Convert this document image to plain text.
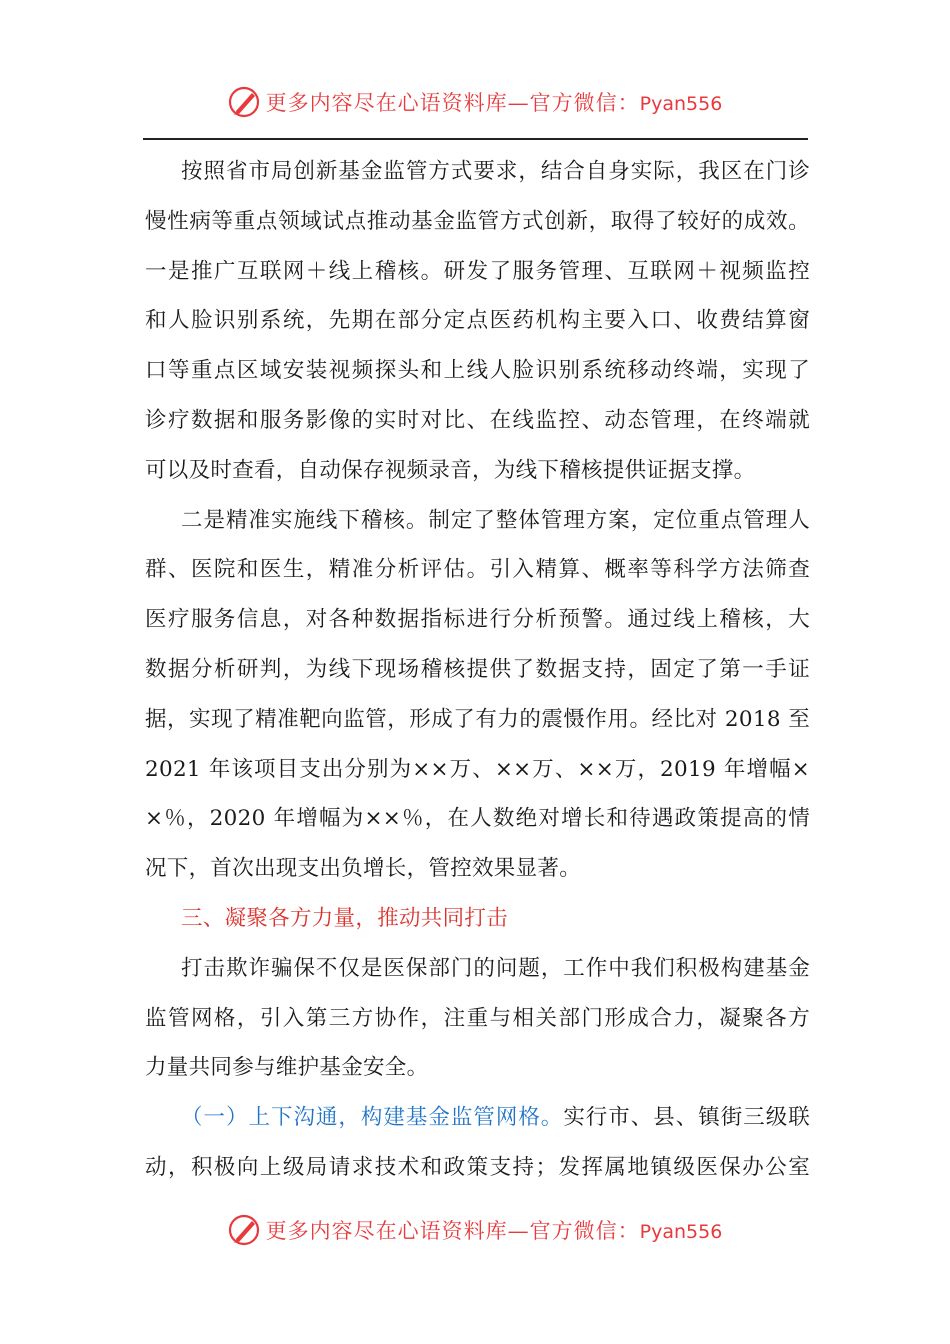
更多内容尽在心语资料库—官方微信：Pyan556
按照省市局创新基金监管方式要求，结合自身实际，我区在门诊
慢性病等重点领域试点推动基金监管方式创新，取得了较好的成效。
一是推广互联网＋线上稽核。研发了服务管理、互联网＋视频监控
和人脸识别系统，先期在部分定点医药机构主要入口、收费结算窗
口等重点区域安装视频探头和上线人脸识别系统移动终端，实现了
诊疗数据和服务影像的实时对比、在线监控、动态管理，在终端就
可以及时查看，自动保存视频录音，为线下稽核提供证据支撑。
二是精准实施线下稽核。制定了整体管理方案，定位重点管理人
群、医院和医生，精准分析评估。引入精算、概率等科学方法筛查
医疗服务信息，对各种数据指标进行分析预警。通过线上稽核，大
数据分析研判，为线下现场稽核提供了数据支持，固定了第一手证
据，实现了精准靶向监管，形成了有力的震慑作用。经比对 2018 至
2021 年该项目支出分别为××万、××万、××万，2019 年增幅×
×％，2020 年增幅为××％，在人数绝对增长和待遇政策提高的情
况下，首次出现支出负增长，管控效果显著。
三、凝聚各方力量，推动共同打击
打击欺诈骗保不仅是医保部门的问题，工作中我们积极构建基金
监管网格，引入第三方协作，注重与相关部门形成合力，凝聚各方
力量共同参与维护基金安全。
（一）上下沟通，构建基金监管网格。实行市、县、镇街三级联
动，积极向上级局请求技术和政策支持；发挥属地镇级医保办公室
更多内容尽在心语资料库—官方微信：Pyan556
